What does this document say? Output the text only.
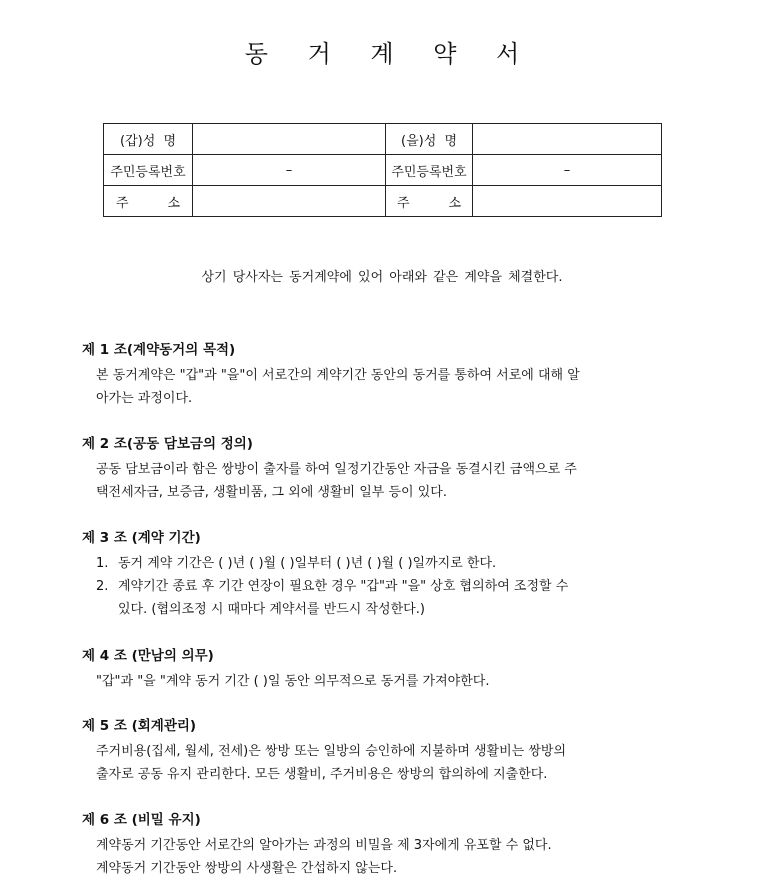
동 거 계 약 서
(갑)성 명		(을)성 명	

주민등록번호	–	주민등록번호	–

주 소		주 소	

상기 당사자는 동거계약에 있어 아래와 같은 계약을 체결한다.
제 1 조(계약동거의 목적)

본 동거계약은 "갑"과 "을"이 서로간의 계약기간 동안의 동거를 통하여 서로에 대해 알

아가는 과정이다.

제 2 조(공동 담보금의 정의)

공동 담보금이라 함은 쌍방이 출자를 하여 일정기간동안 자금을 동결시킨 금액으로 주

택전세자금, 보증금, 생활비품, 그 외에 생활비 일부 등이 있다.

제 3 조 (계약 기간)
1. 동거 계약 기간은 ( )년 ( )월 ( )일부터 ( )년 ( )월 ( )일까지로 한다.
2. 계약기간 종료 후 기간 연장이 필요한 경우 "갑"과 "을" 상호 협의하여 조정할 수
있다. (협의조정 시 때마다 계약서를 반드시 작성한다.)
제 4 조 (만남의 의무)

"갑"과 "을 "계약 동거 기간 ( )일 동안 의무적으로 동거를 가져야한다.

제 5 조 (회계관리)

주거비용(집세, 월세, 전세)은 쌍방 또는 일방의 승인하에 지불하며 생활비는 쌍방의

출자로 공동 유지 관리한다. 모든 생활비, 주거비용은 쌍방의 합의하에 지출한다.

제 6 조 (비밀 유지)

계약동거 기간동안 서로간의 알아가는 과정의 비밀을 제 3자에게 유포할 수 없다.

계약동거 기간동안 쌍방의 사생활은 간섭하지 않는다.
